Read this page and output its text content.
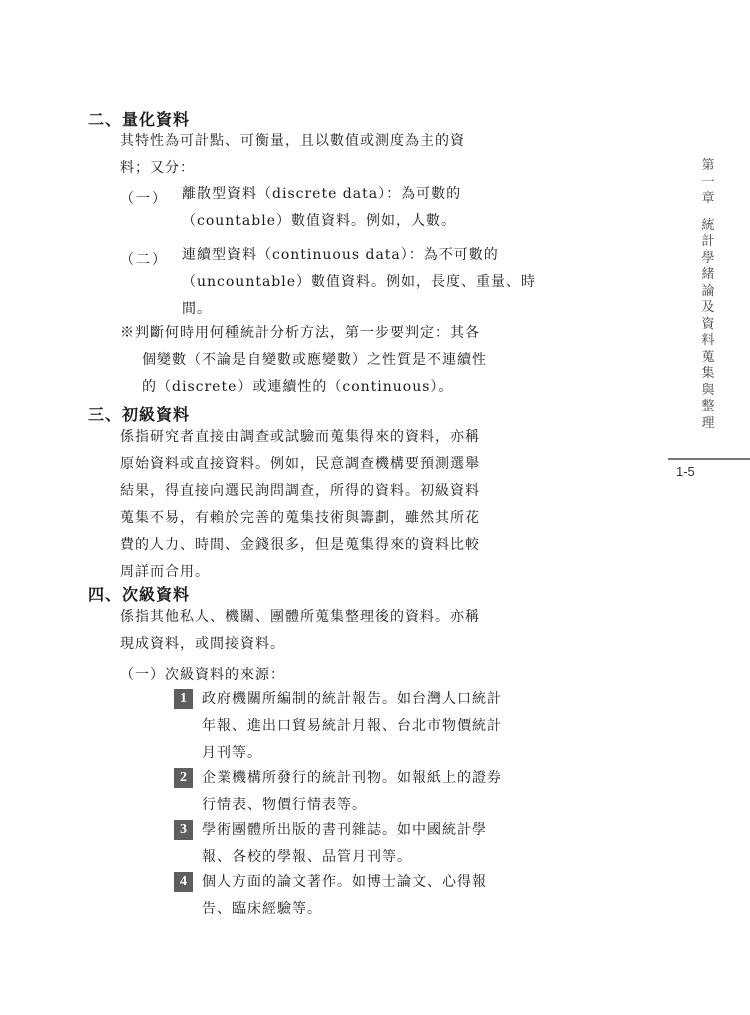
二、量化資料
其特性為可計點、可衡量，且以數值或測度為主的資
料；又分：
（一） 離散型資料（discrete data）：為可數的
（countable）數值資料。例如，人數。
（二） 連續型資料（continuous data）：為不可數的
（uncountable）數值資料。例如，長度、重量、時
間。
※判斷何時用何種統計分析方法，第一步要判定：其各
個變數（不論是自變數或應變數）之性質是不連續性
的（discrete）或連續性的（continuous）。
三、初級資料
係指研究者直接由調查或試驗而蒐集得來的資料，亦稱
原始資料或直接資料。例如，民意調查機構要預測選舉
結果，得直接向選民詢問調查，所得的資料。初級資料
蒐集不易，有賴於完善的蒐集技術與籌劃，雖然其所花
費的人力、時間、金錢很多，但是蒐集得來的資料比較
周詳而合用。
四、次級資料
係指其他私人、機關、團體所蒐集整理後的資料。亦稱
現成資料，或間接資料。
（一）次級資料的來源：
1	政府機關所編制的統計報告。如台灣人口統計
年報、進出口貿易統計月報、台北市物價統計
月刊等。
2	企業機構所發行的統計刊物。如報紙上的證券
行情表、物價行情表等。
3	學術團體所出版的書刊雜誌。如中國統計學
報、各校的學報、品管月刊等。
4	個人方面的論文著作。如博士論文、心得報
告、臨床經驗等。
第
一
章
統
計
學
緒
論
及
資
料
蒐
集
與
整
理
1-5
